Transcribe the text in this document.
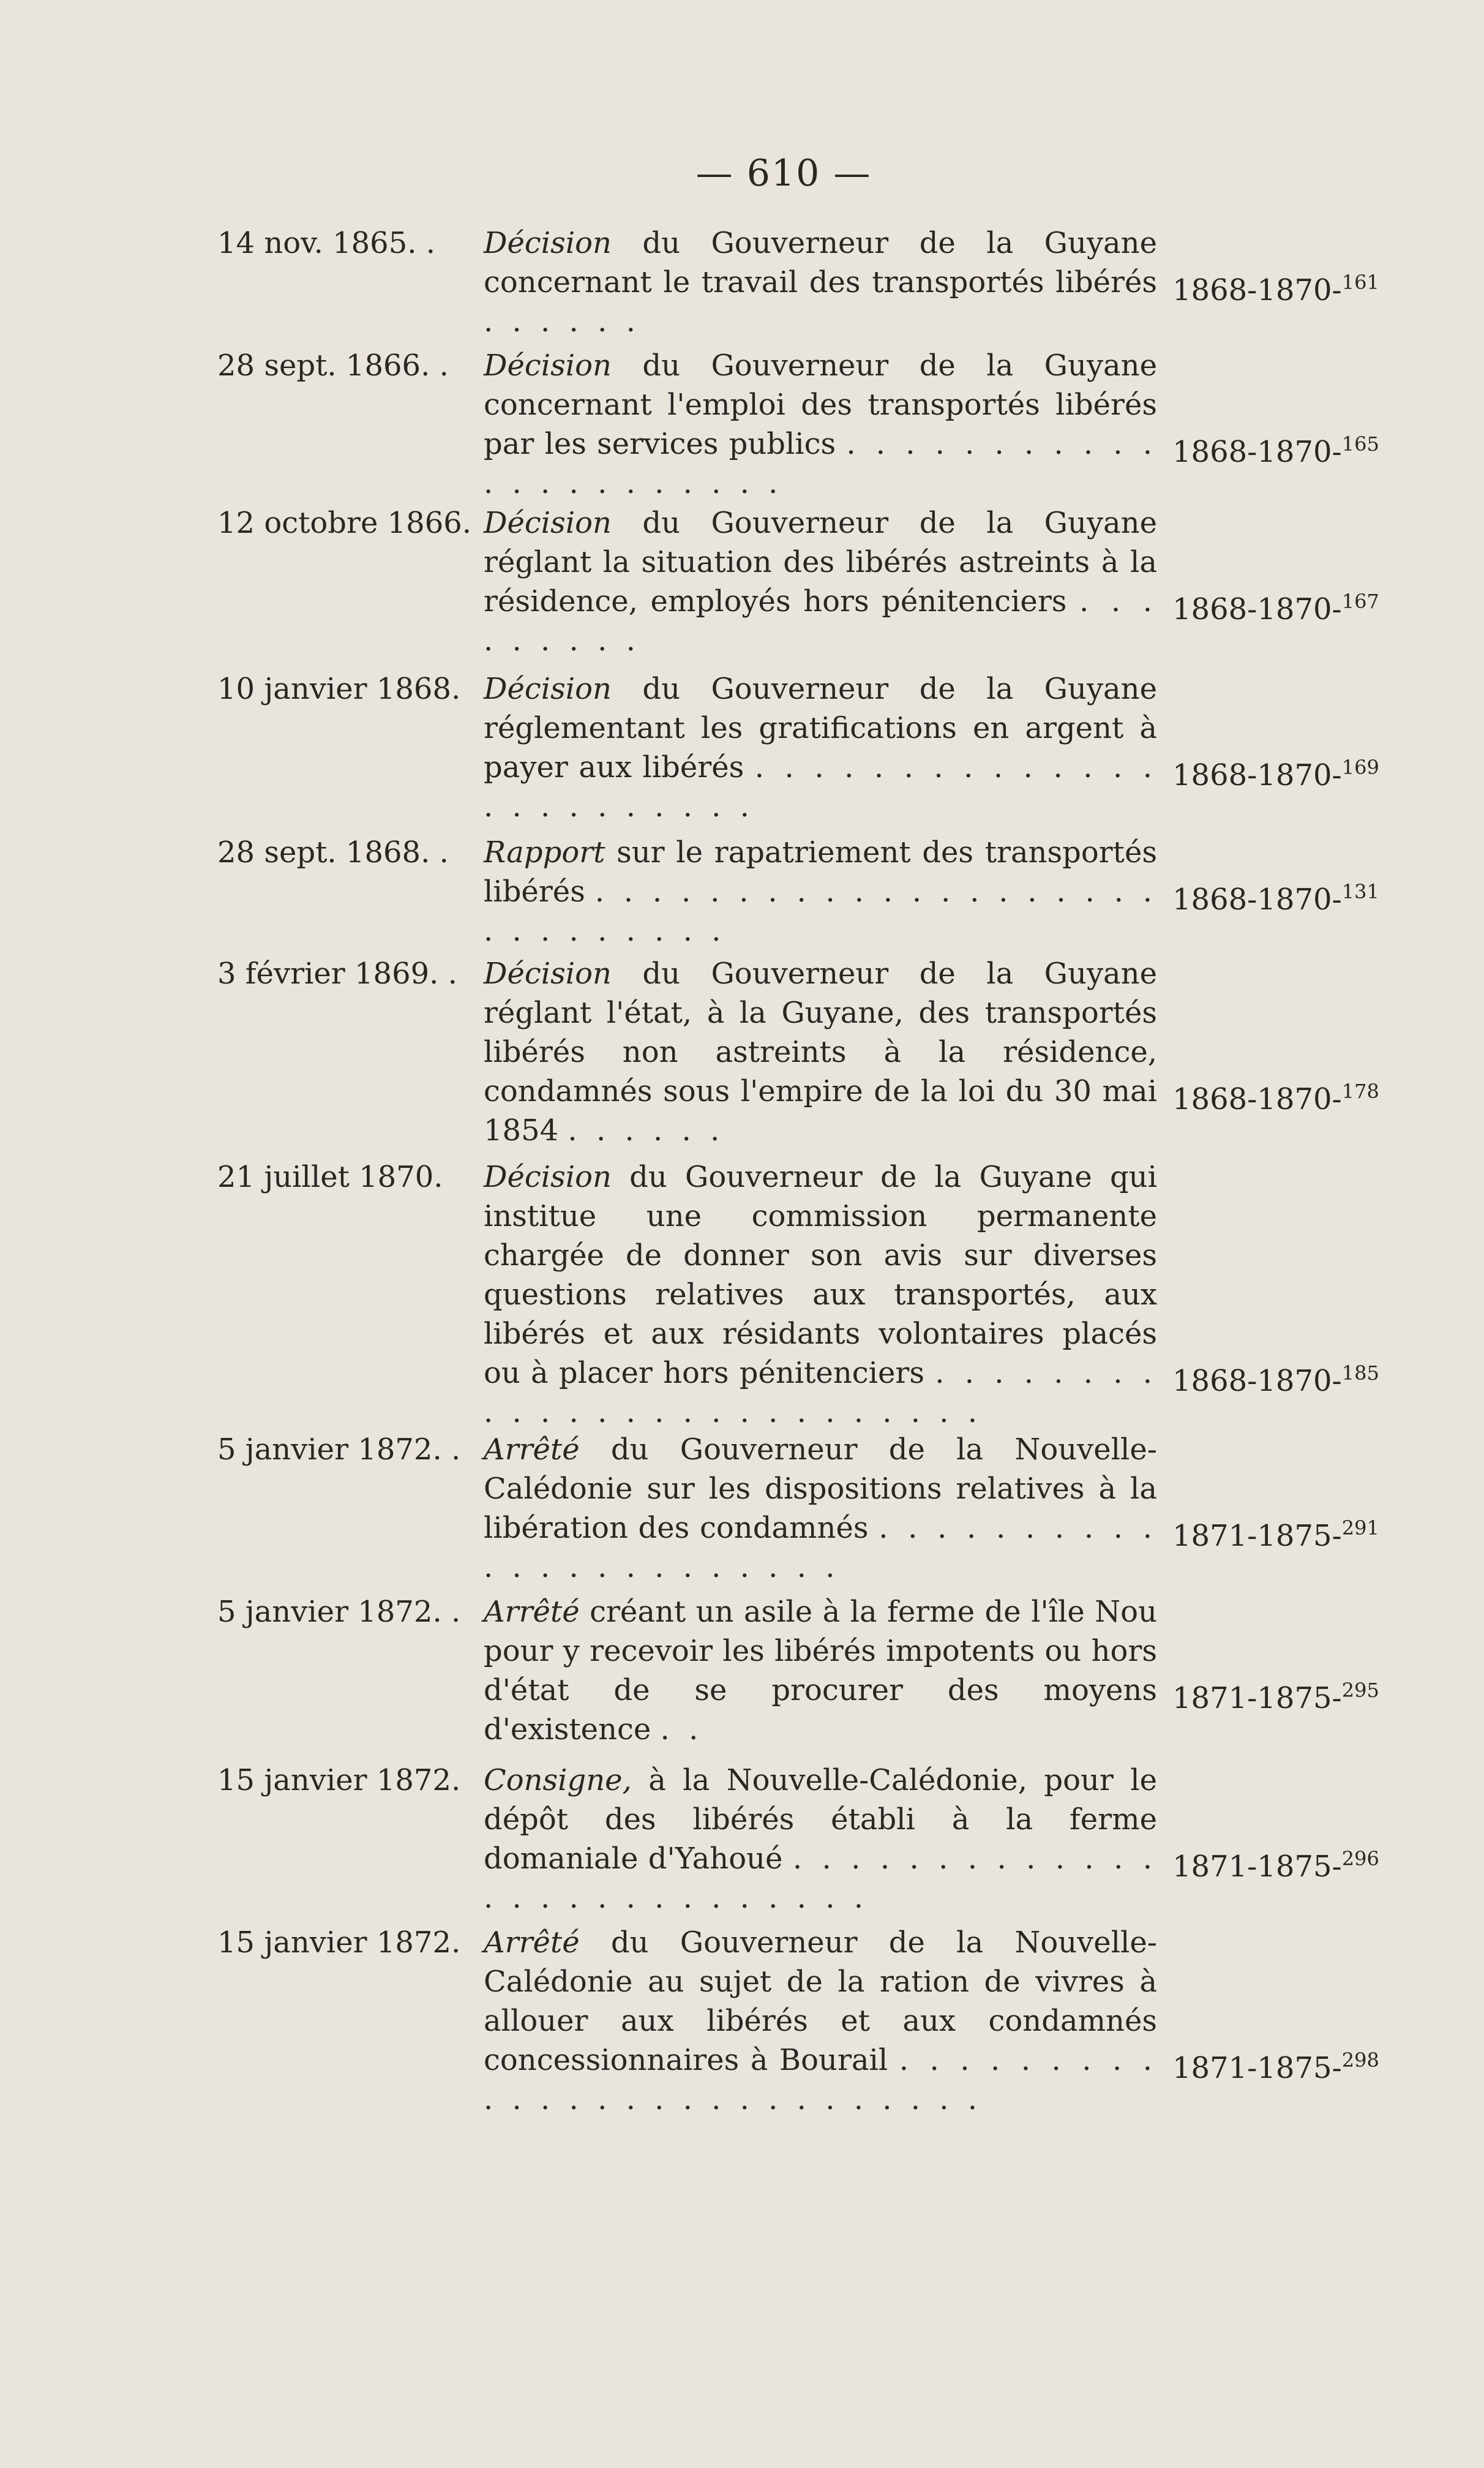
— 610 —
14 nov. 1865. .	Décision du Gouverneur de la Guyane concernant le travail des transportés libérés . . . . . .
1868-1870-$^{161}$
28 sept. 1866. .	Décision du Gouverneur de la Guyane concernant l'emploi des transportés libérés par les services publics . . . . . . . . . . . . . . . . . . . . . .
1868-1870-$^{165}$
12 octobre 1866. Décision du Gouverneur de la Guyane réglant la situation des libérés astreints à la résidence, employés hors pénitenciers . . . . . . . . .
1868-1870-$^{167}$
10 janvier 1868. Décision du Gouverneur de la Guyane réglementant les gratifications en argent à payer aux libérés . . . . . . . . . . . . . . . . . . . . . . . .
1868-1870-$^{169}$
28 sept. 1868. .	Rapport sur le rapatriement des transportés libérés . . . . . . . . . . . . . . . . . . . . . . . . . . . . .
1868-1870-$^{131}$
3 février 1869. . Décision du Gouverneur de la Guyane réglant l'état, à la Guyane, des transportés libérés non astreints à la résidence, condamnés sous l'empire de la loi du 30 mai 1854 . . . . . .
1868-1870-$^{178}$
21 juillet 1870.	Décision du Gouverneur de la Guyane qui institue une commission permanente chargée de donner son avis sur diverses questions relatives aux transportés, aux libérés et aux résidants volontaires placés ou à placer hors pénitenciers . . . . . . . . . . . . . . . . . . . . . . . . . .
1868-1870-$^{185}$
5 janvier 1872. . Arrêté du Gouverneur de la Nouvelle-Calédonie sur les dispositions relatives à la libération des condamnés . . . . . . . . . . . . . . . . . . . . . . .
1871-1875-$^{291}$
5 janvier 1872. . Arrêté créant un asile à la ferme de l'île Nou pour y recevoir les libérés impotents ou hors d'état de se procurer des moyens d'existence . .
1871-1875-$^{295}$
15 janvier 1872. Consigne, à la Nouvelle-Calédonie, pour le dépôt des libérés établi à la ferme domaniale d'Yahoué . . . . . . . . . . . . . . . . . . . . . . . . . . .
1871-1875-$^{296}$
15 janvier 1872. Arrêté du Gouverneur de la Nouvelle-Calédonie au sujet de la ration de vivres à allouer aux libérés et aux condamnés concessionnaires à Bourail . . . . . . . . . . . . . . . . . . . . . . . . . . .
1871-1875-$^{298}$
